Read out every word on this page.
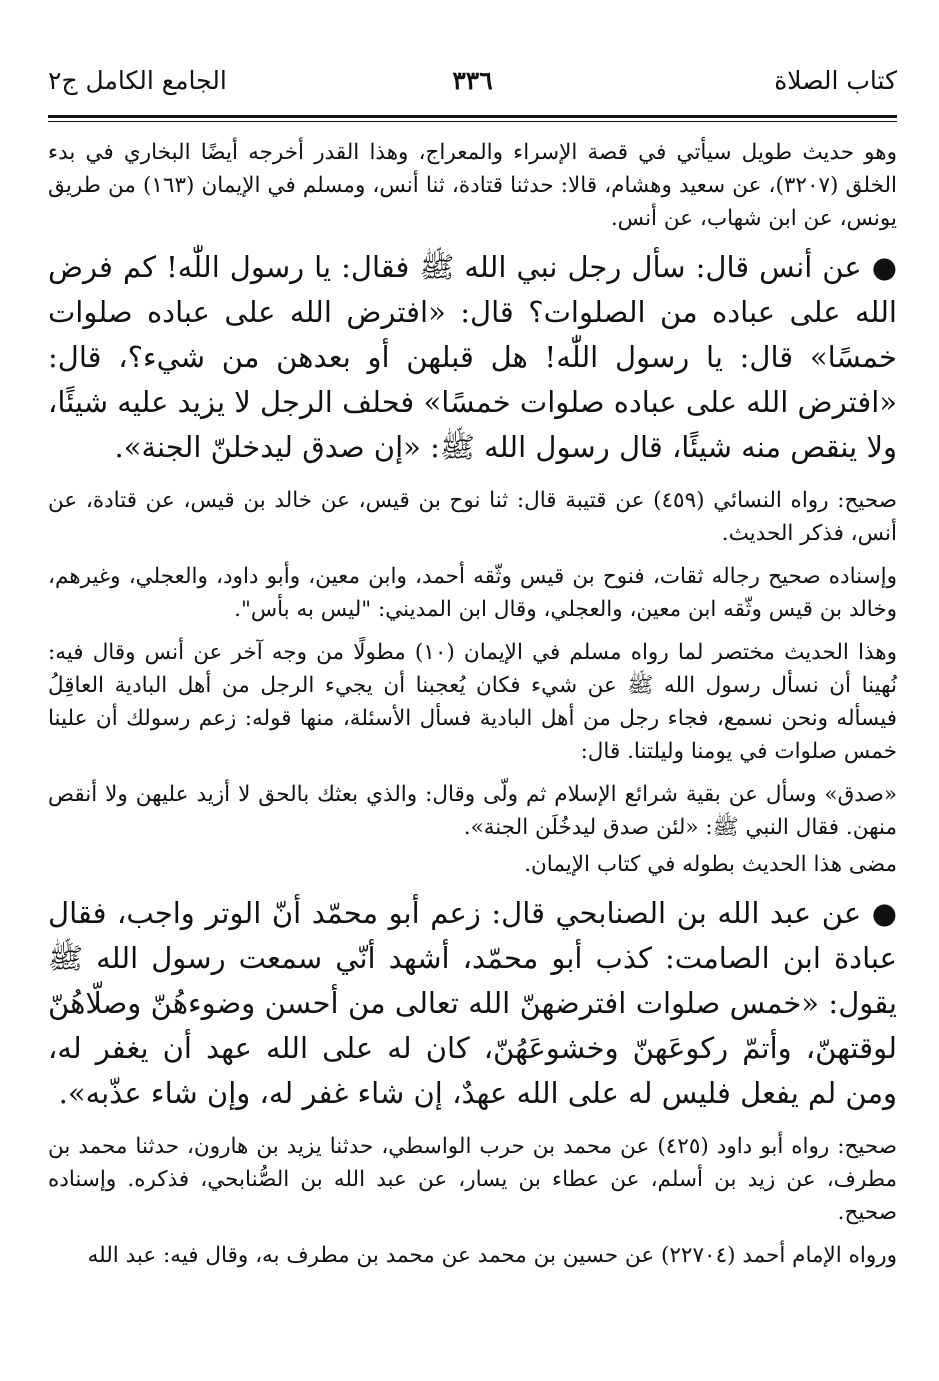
كتاب الصلاة
٣٣٦
الجامع الكامل ج٢

وهو حديث طويل سيأتي في قصة الإسراء والمعراج، وهذا القدر أخرجه أيضًا البخاري في بدء الخلق (٣٢٠٧)، عن سعيد وهشام، قالا: حدثنا قتادة، ثنا أنس، ومسلم في الإيمان (١٦٣) من طريق يونس، عن ابن شهاب، عن أنس.

● عن أنس قال: سأل رجل نبي الله ﷺ فقال: يا رسول اللّٰه! كم فرض الله على عباده من الصلوات؟ قال: «افترض الله على عباده صلوات خمسًا» قال: يا رسول اللّٰه! هل قبلهن أو بعدهن من شيء؟، قال: «افترض الله على عباده صلوات خمسًا» فحلف الرجل لا يزيد عليه شيئًا، ولا ينقص منه شيئًا، قال رسول الله ﷺ: «إن صدق ليدخلنّ الجنة».

صحيح: رواه النسائي (٤٥٩) عن قتيبة قال: ثنا نوح بن قيس، عن خالد بن قيس، عن قتادة، عن أنس، فذكر الحديث.

وإسناده صحيح رجاله ثقات، فنوح بن قيس وثّقه أحمد، وابن معين، وأبو داود، والعجلي، وغيرهم، وخالد بن قيس وثّقه ابن معين، والعجلي، وقال ابن المديني: "ليس به بأس".

وهذا الحديث مختصر لما رواه مسلم في الإيمان (١٠) مطولًا من وجه آخر عن أنس وقال فيه: نُهينا أن نسأل رسول الله ﷺ عن شيء فكان يُعجبنا أن يجيء الرجل من أهل البادية العاقِلُ فيسأله ونحن نسمع، فجاء رجل من أهل البادية فسأل الأسئلة، منها قوله: زعم رسولك أن علينا خمس صلوات في يومنا وليلتنا. قال:

«صدق» وسأل عن بقية شرائع الإسلام ثم ولّى وقال: والذي بعثك بالحق لا أزيد عليهن ولا أنقص منهن. فقال النبي ﷺ: «لئن صدق ليدخُلَن الجنة».

مضى هذا الحديث بطوله في كتاب الإيمان.

● عن عبد الله بن الصنابحي قال: زعم أبو محمّد أنّ الوتر واجب، فقال عبادة ابن الصامت: كذب أبو محمّد، أشهد أنّي سمعت رسول الله ﷺ يقول: «خمس صلوات افترضهنّ الله تعالى من أحسن وضوءهُنّ وصلّاهُنّ لوقتهنّ، وأتمّ ركوعَهنّ وخشوعَهُنّ، كان له على الله عهد أن يغفر له، ومن لم يفعل فليس له على الله عهدٌ، إن شاء غفر له، وإن شاء عذّبه».

صحيح: رواه أبو داود (٤٢٥) عن محمد بن حرب الواسطي، حدثنا يزيد بن هارون، حدثنا محمد بن مطرف، عن زيد بن أسلم، عن عطاء بن يسار، عن عبد الله بن الصُّنابحي، فذكره. وإسناده صحيح.

ورواه الإمام أحمد (٢٢٧٠٤) عن حسين بن محمد عن محمد بن مطرف به، وقال فيه: عبد الله
